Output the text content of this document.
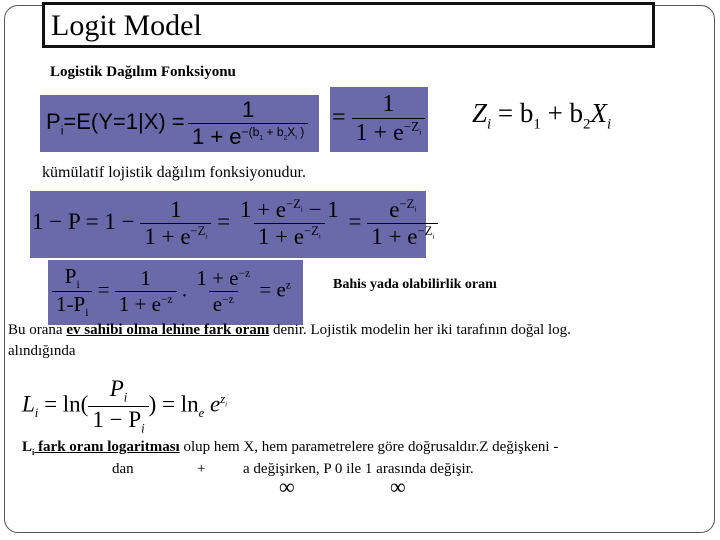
Logit Model
Logistik Dağılım Fonksiyonu
$P_i=E(Y=1|X) = \frac{1}{1 + e^{-(b_1 + b_2X_i )}} = \frac{1}{1 + e^{-Z_i}} Z_i = b_1 + b_2X_i$
kümülatif lojistik dağılım fonksiyonudur.
$1 - P = 1 - \frac{1}{1 + e^{-Z_i}} = \frac{1 + e^{-Z_i} - 1}{1 + e^{-Z_i}} = \frac{e^{-Z_i}}{1 + e^{-Z_i}}$
$\frac{P_i}{1-P_i} = \frac{1}{1 + e^{-z}}$ . $\frac{1 + e^{-z}}{e^{-z}} = e^z$	Bahis yada olabilirlik oranı
Bu orana ev sahibi olma lehine fark oranı denir. Lojistik modelin her iki tarafının doğal log.
alındığında
$L_i = \ln( \frac{P_i}{1 - P_i}$ ) = $\ln_e e^{z_i}$
$L_i$ fark oranı logaritması olup hem X, hem parametrelere göre doğrusaldır.Z değişkeni -
dan	+	a değişirken, P 0 ile 1 arasında değişir.
∞	∞
